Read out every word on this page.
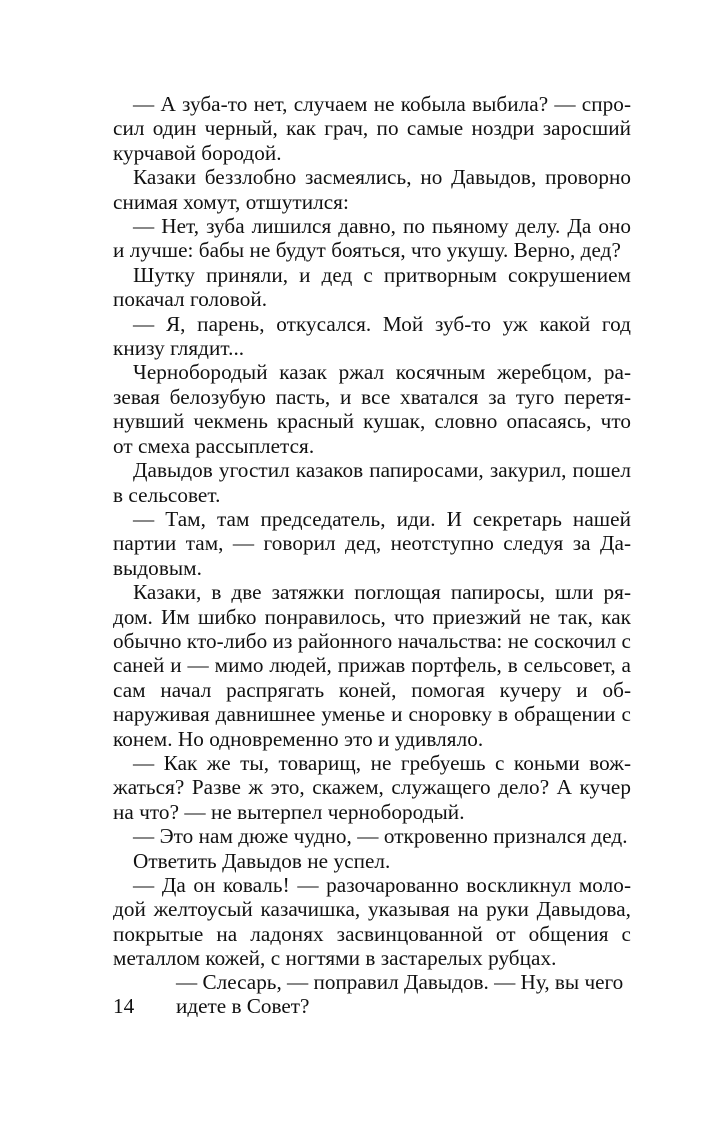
— А зуба-то нет, случаем не кобыла выбила? — спросил один черный, как грач, по самые ноздри заросший курчавой бородой.

Казаки беззлобно засмеялись, но Давыдов, проворно снимая хомут, отшутился:

— Нет, зуба лишился давно, по пьяному делу. Да оно и лучше: бабы не будут бояться, что укушу. Верно, дед?

Шутку приняли, и дед с притворным сокрушением покачал головой.

— Я, парень, откусался. Мой зуб-то уж какой год книзу глядит...

Чернобородый казак ржал косячным жеребцом, разевая белозубую пасть, и все хватался за туго перетянувший чекмень красный кушак, словно опасаясь, что от смеха рассыплется.

Давыдов угостил казаков папиросами, закурил, пошел в сельсовет.

— Там, там председатель, иди. И секретарь нашей партии там, — говорил дед, неотступно следуя за Давыдовым.

Казаки, в две затяжки поглощая папиросы, шли рядом. Им шибко понравилось, что приезжий не так, как обычно кто-либо из районного начальства: не соскочил с саней и — мимо людей, прижав портфель, в сельсовет, а сам начал распрягать коней, помогая кучеру и обнаруживая давнишнее уменье и сноровку в обращении с конем. Но одновременно это и удивляло.

— Как же ты, товарищ, не гребуешь с коньми вожжаться? Разве ж это, скажем, служащего дело? А кучер на что? — не вытерпел чернобородый.

— Это нам дюже чудно, — откровенно признался дед.

Ответить Давыдов не успел.

— Да он коваль! — разочарованно воскликнул молодой желтоусый казачишка, указывая на руки Давыдова, покрытые на ладонях засвинцованной от общения с металлом кожей, с ногтями в застарелых рубцах.

— Слесарь, — поправил Давыдов. — Ну, вы чего

идете в Совет?

14
